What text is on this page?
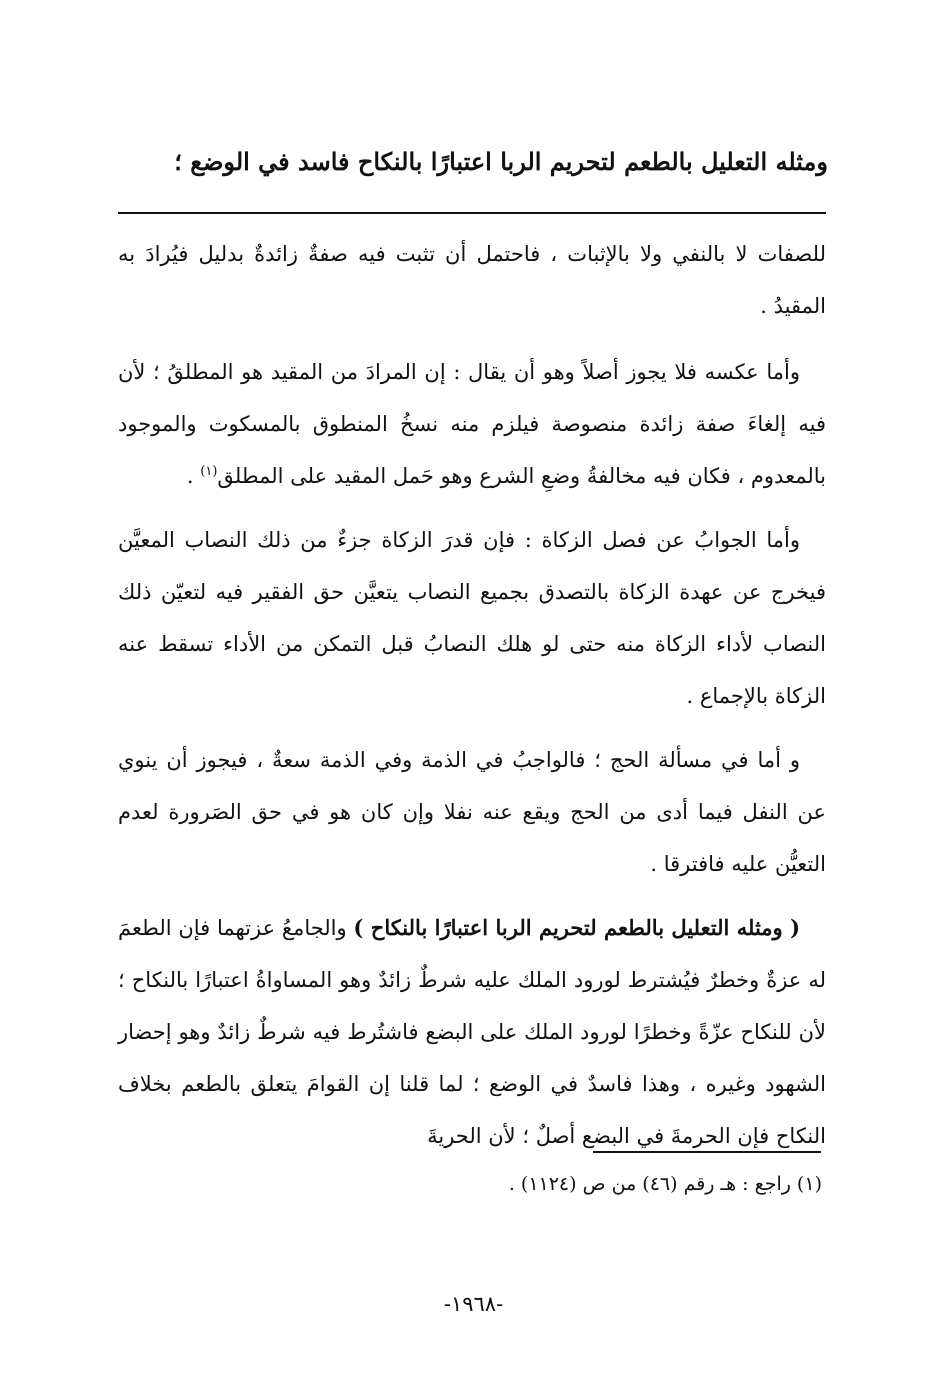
ومثله التعليل بالطعم لتحريم الربا اعتبارًا بالنكاح فاسد في الوضع ؛

للصفات لا بالنفي ولا بالإثبات ، فاحتمل أن تثبت فيه صفةٌ زائدةٌ بدليل فيُرادَ به المقيدُ .

وأما عكسه فلا يجوز أصلاً وهو أن يقال : إن المرادَ من المقيد هو المطلقُ ؛ لأن فيه إلغاءَ صفة زائدة منصوصة فيلزم منه نسخُ المنطوق بالمسكوت والموجود بالمعدوم ، فكان فيه مخالفةُ وضعِ الشرع وهو حَمل المقيد على المطلق$^{(١)}$ .

وأما الجوابُ عن فصل الزكاة : فإن قدرَ الزكاة جزءٌ من ذلك النصاب المعيَّن فيخرج عن عهدة الزكاة بالتصدق بجميع النصاب يتعيَّن حق الفقير فيه لتعيّن ذلك النصاب لأداء الزكاة منه حتى لو هلك النصابُ قبل التمكن من الأداء تسقط عنه الزكاة بالإجماع .

و أما في مسألة الحج ؛ فالواجبُ في الذمة وفي الذمة سعةٌ ، فيجوز أن ينوي عن النفل فيما أدى من الحج ويقع عنه نفلا وإن كان هو في حق الصَرورة لعدم التعيُّن عليه فافترقا .

( ومثله التعليل بالطعم لتحريم الربا اعتبارًا بالنكاح ) والجامعُ عزتهما فإن الطعمَ له عزةٌ وخطرٌ فيُشترط لورود الملك عليه شرطٌ زائدٌ وهو المساواةُ اعتبارًا بالنكاح ؛ لأن للنكاح عزّةً وخطرًا لورود الملك على البضع فاشتُرط فيه شرطٌ زائدٌ وهو إحضار الشهود وغيره ، وهذا فاسدٌ في الوضع ؛ لما قلنا إن القوامَ يتعلق بالطعم بخلاف النكاح فإن الحرمةَ في البضع أصلٌ ؛ لأن الحريةَ

(١) راجع : هـ رقم (٤٦) من ص (١١٢٤) .
-١٩٦٨-
